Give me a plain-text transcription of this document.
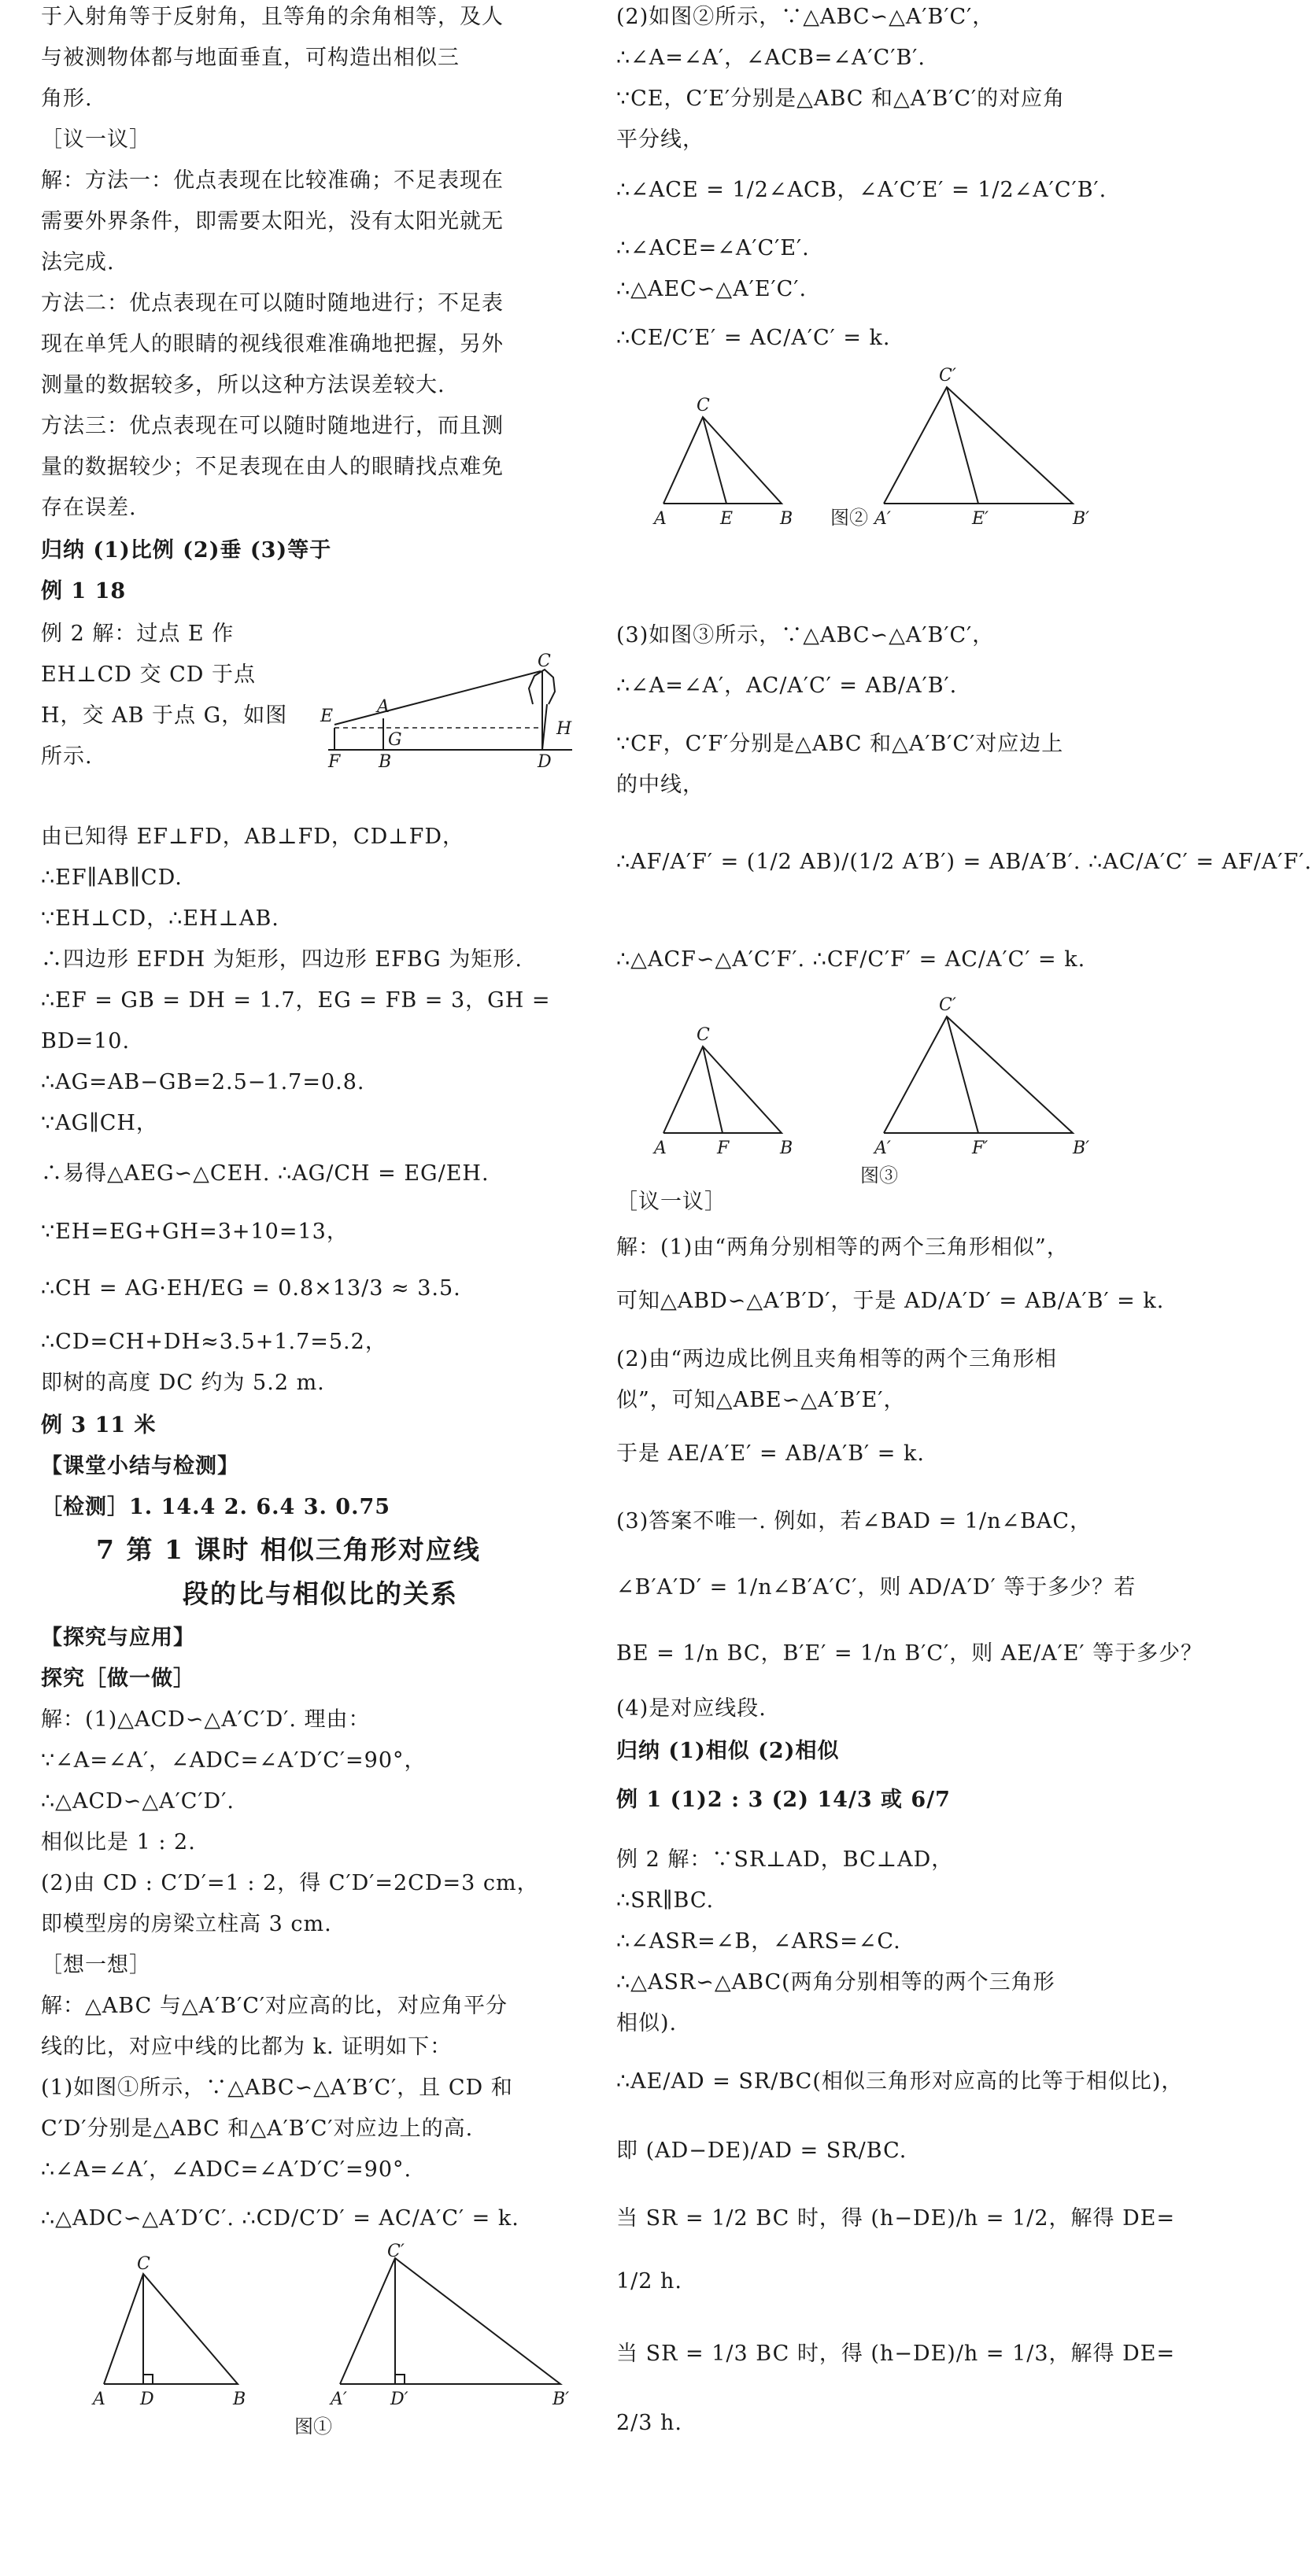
于入射角等于反射角，且等角的余角相等，及人
与被测物体都与地面垂直，可构造出相似三
角形.
［议一议］
解：方法一：优点表现在比较准确；不足表现在
需要外界条件，即需要太阳光，没有太阳光就无
法完成.
方法二：优点表现在可以随时随地进行；不足表
现在单凭人的眼睛的视线很难准确地把握，另外
测量的数据较多，所以这种方法误差较大.
方法三：优点表现在可以随时随地进行，而且测
量的数据较少；不足表现在由人的眼睛找点难免
存在误差.
归纳 (1)比例 (2)垂 (3)等于
例 1 18
例 2 解：过点 E 作
EH⊥CD 交 CD 于点
H，交 AB 于点 G，如图
所示.
C
E	A
G
H
F B	D
由已知得 EF⊥FD，AB⊥FD，CD⊥FD，
∴EF∥AB∥CD.
∵EH⊥CD，∴EH⊥AB.
∴四边形 EFDH 为矩形，四边形 EFBG 为矩形.
∴EF = GB = DH = 1.7，EG = FB = 3，GH =
BD=10.
∴AG=AB−GB=2.5−1.7=0.8.
∵AG∥CH，
∴易得△AEG∽△CEH. ∴AG/CH = EG/EH.
∵EH=EG+GH=3+10=13，
∴CH = AG·EH/EG = 0.8×13/3 ≈ 3.5.
∴CD=CH+DH≈3.5+1.7=5.2，
即树的高度 DC 约为 5.2 m.
例 3 11 米
【课堂小结与检测】
［检测］1. 14.4 2. 6.4 3. 0.75
7 第 1 课时 相似三角形对应线
段的比与相似比的关系
【探究与应用】
探究［做一做］
解：(1)△ACD∽△A′C′D′. 理由：
∵∠A=∠A′，∠ADC=∠A′D′C′=90°，
∴△ACD∽△A′C′D′.
相似比是 1 : 2.
(2)由 CD : C′D′=1 : 2，得 C′D′=2CD=3 cm，
即模型房的房梁立柱高 3 cm.
［想一想］
解：△ABC 与△A′B′C′对应高的比，对应角平分
线的比，对应中线的比都为 k. 证明如下：
(1)如图①所示，∵△ABC∽△A′B′C′，且 CD 和
C′D′分别是△ABC 和△A′B′C′对应边上的高.
∴∠A=∠A′，∠ADC=∠A′D′C′=90°.
∴△ADC∽△A′D′C′. ∴CD/C′D′ = AC/A′C′ = k.
C
A D	B
C′
A′	D′	B′
图①
(2)如图②所示，∵△ABC∽△A′B′C′，
∴∠A=∠A′，∠ACB=∠A′C′B′.
∵CE，C′E′分别是△ABC 和△A′B′C′的对应角
平分线，
∴∠ACE = 1/2∠ACB，∠A′C′E′ = 1/2∠A′C′B′.
∴∠ACE=∠A′C′E′.
∴△AEC∽△A′E′C′.
∴CE/C′E′ = AC/A′C′ = k.
C
A	E	B
C′
A′	E′	B′
图②
(3)如图③所示，∵△ABC∽△A′B′C′，
∴∠A=∠A′，AC/A′C′ = AB/A′B′.
∵CF，C′F′分别是△ABC 和△A′B′C′对应边上
的中线，
∴AF/A′F′ = (1/2 AB)/(1/2 A′B′) = AB/A′B′. ∴AC/A′C′ = AF/A′F′.
∴△ACF∽△A′C′F′. ∴CF/C′F′ = AC/A′C′ = k.
C
A	F	B
C′
A′	F′	B′
图③
［议一议］
解：(1)由“两角分别相等的两个三角形相似”，
可知△ABD∽△A′B′D′，于是 AD/A′D′ = AB/A′B′ = k.
(2)由“两边成比例且夹角相等的两个三角形相
似”，可知△ABE∽△A′B′E′，
于是 AE/A′E′ = AB/A′B′ = k.
(3)答案不唯一. 例如，若∠BAD = 1/n∠BAC，
∠B′A′D′ = 1/n∠B′A′C′，则 AD/A′D′ 等于多少？若
BE = 1/n BC，B′E′ = 1/n B′C′，则 AE/A′E′ 等于多少？
(4)是对应线段.
归纳 (1)相似 (2)相似
例 1 (1)2 : 3 (2) 14/3 或 6/7
例 2 解：∵SR⊥AD，BC⊥AD，
∴SR∥BC.
∴∠ASR=∠B，∠ARS=∠C.
∴△ASR∽△ABC(两角分别相等的两个三角形
相似).
∴AE/AD = SR/BC(相似三角形对应高的比等于相似比)，
即 (AD−DE)/AD = SR/BC.
当 SR = 1/2 BC 时，得 (h−DE)/h = 1/2，解得 DE=
1/2 h.
当 SR = 1/3 BC 时，得 (h−DE)/h = 1/3，解得 DE=
2/3 h.
